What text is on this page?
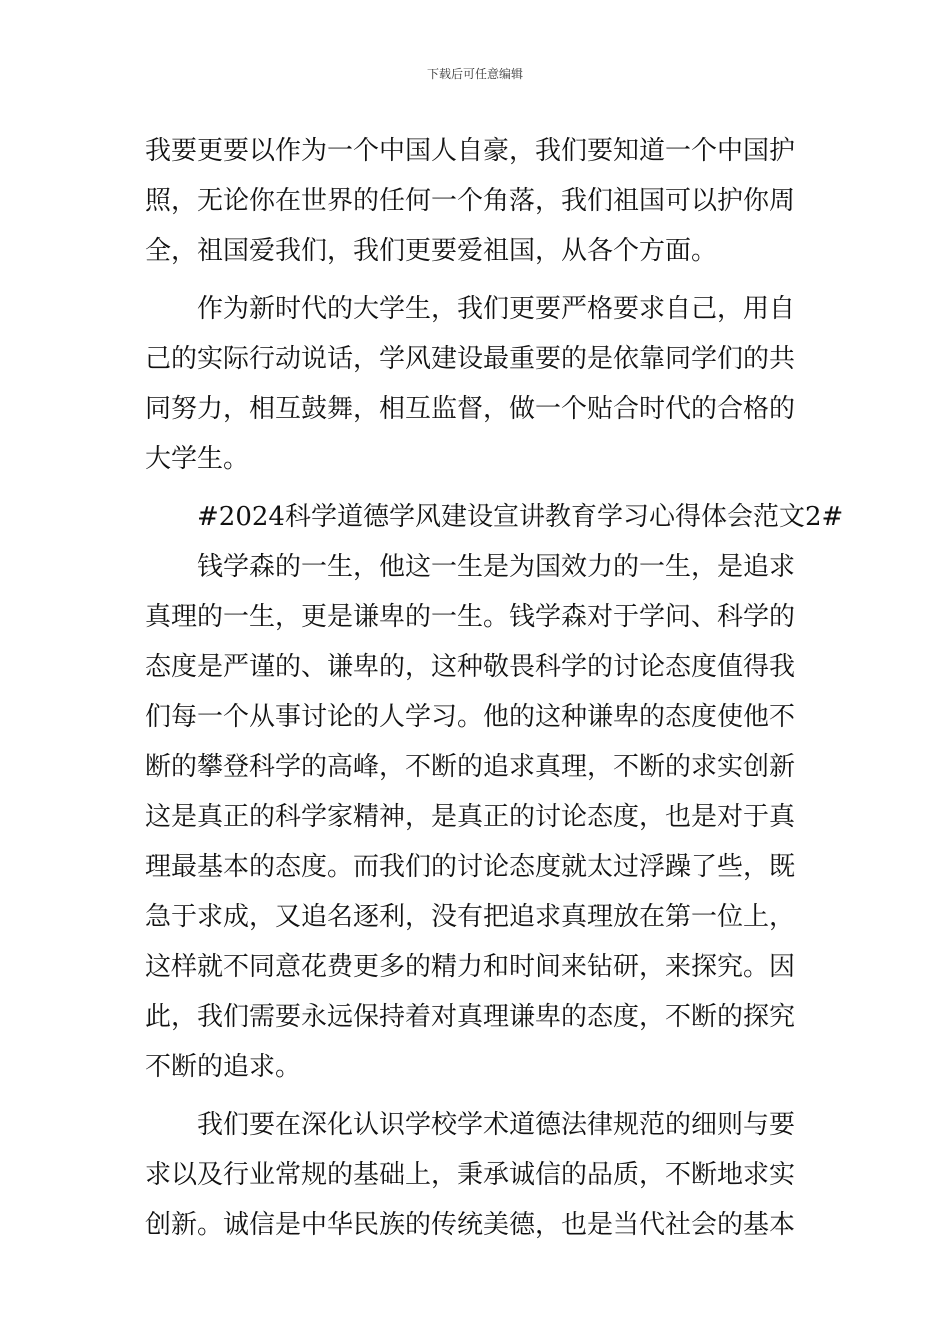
下载后可任意编辑
我要更要以作为一个中国人自豪，我们要知道一个中国护
照，无论你在世界的任何一个角落，我们祖国可以护你周
全，祖国爱我们，我们更要爱祖国，从各个方面。
作为新时代的大学生，我们更要严格要求自己，用自
己的实际行动说话，学风建设最重要的是依靠同学们的共
同努力，相互鼓舞，相互监督，做一个贴合时代的合格的
大学生。
#2024科学道德学风建设宣讲教育学习心得体会范文2#
钱学森的一生，他这一生是为国效力的一生，是追求
真理的一生，更是谦卑的一生。钱学森对于学问、科学的
态度是严谨的、谦卑的，这种敬畏科学的讨论态度值得我
们每一个从事讨论的人学习。他的这种谦卑的态度使他不
断的攀登科学的高峰，不断的追求真理，不断的求实创新
这是真正的科学家精神，是真正的讨论态度，也是对于真
理最基本的态度。而我们的讨论态度就太过浮躁了些，既
急于求成，又追名逐利，没有把追求真理放在第一位上，
这样就不同意花费更多的精力和时间来钻研，来探究。因
此，我们需要永远保持着对真理谦卑的态度，不断的探究
不断的追求。
我们要在深化认识学校学术道德法律规范的细则与要
求以及行业常规的基础上，秉承诚信的品质，不断地求实
创新。诚信是中华民族的传统美德，也是当代社会的基本
